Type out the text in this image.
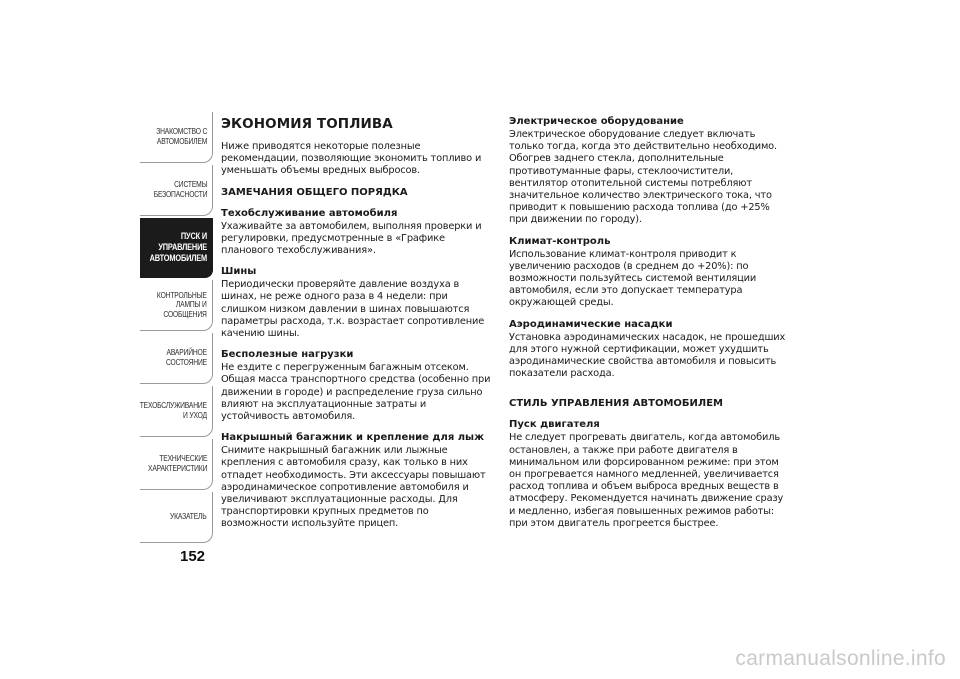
ЗНАКОМСТВО С
АВТОМОБИЛЕМ
СИСТЕМЫ
БЕЗОПАСНОСТИ
ПУСК И
УПРАВЛЕНИЕ
АВТОМОБИЛЕМ
КОНТРОЛЬНЫЕ
ЛАМПЫ И
СООБЩЕНИЯ
АВАРИЙНОЕ
СОСТОЯНИЕ
ТЕХОБСЛУЖИВАНИЕ
И УХОД
ТЕХНИЧЕСКИЕ
ХАРАКТЕРИСТИКИ
УКАЗАТЕЛЬ
152
ЭКОНОМИЯ ТОПЛИВА

Ниже приводятся некоторые полезные рекомендации, позволяющие экономить топливо и уменьшать объемы вредных выбросов.

ЗАМЕЧАНИЯ ОБЩЕГО ПОРЯДКА
Техобслуживание автомобиля

Ухаживайте за автомобилем, выполняя проверки и регулировки, предусмотренные в «Графике планового техобслуживания».

Шины

Периодически проверяйте давление воздуха в шинах, не реже одного раза в 4 недели: при слишком низком давлении в шинах повышаются параметры расхода, т.к. возрастает сопротивление качению шины.

Бесполезные нагрузки

Не ездите с перегруженным багажным отсеком. Общая масса транспортного средства (особенно при движении в городе) и распределение груза сильно влияют на эксплуатационные затраты и устойчивость автомобиля.

Накрышный багажник и крепление для лыж

Снимите накрышный багажник или лыжные крепления с автомобиля сразу, как только в них отпадет необходимость. Эти аксессуары повышают аэродинамическое сопротивление автомобиля и увеличивают эксплуатационные расходы. Для транспортировки крупных предметов по возможности используйте прицеп.

Электрическое оборудование

Электрическое оборудование следует включать только тогда, когда это действительно необходимо. Обогрев заднего стекла, дополнительные противотуманные фары, стеклоочистители, вентилятор отопительной системы потребляют значительное количество электрического тока, что приводит к повышению расхода топлива (до +25% при движении по городу).

Климат-контроль

Использование климат-контроля приводит к увеличению расходов (в среднем до +20%): по возможности пользуйтесь системой вентиляции автомобиля, если это допускает температура окружающей среды.

Аэродинамические насадки

Установка аэродинамических насадок, не прошедших для этого нужной сертификации, может ухудшить аэродинамические свойства автомобиля и повысить показатели расхода.

СТИЛЬ УПРАВЛЕНИЯ АВТОМОБИЛЕМ
Пуск двигателя

Не следует прогревать двигатель, когда автомобиль остановлен, а также при работе двигателя в минимальном или форсированном режиме: при этом он прогревается намного медленней, увеличивается расход топлива и объем выброса вредных веществ в атмосферу. Рекомендуется начинать движение сразу и медленно, избегая повышенных режимов работы: при этом двигатель прогреется быстрее.

carmanualsonline.info
